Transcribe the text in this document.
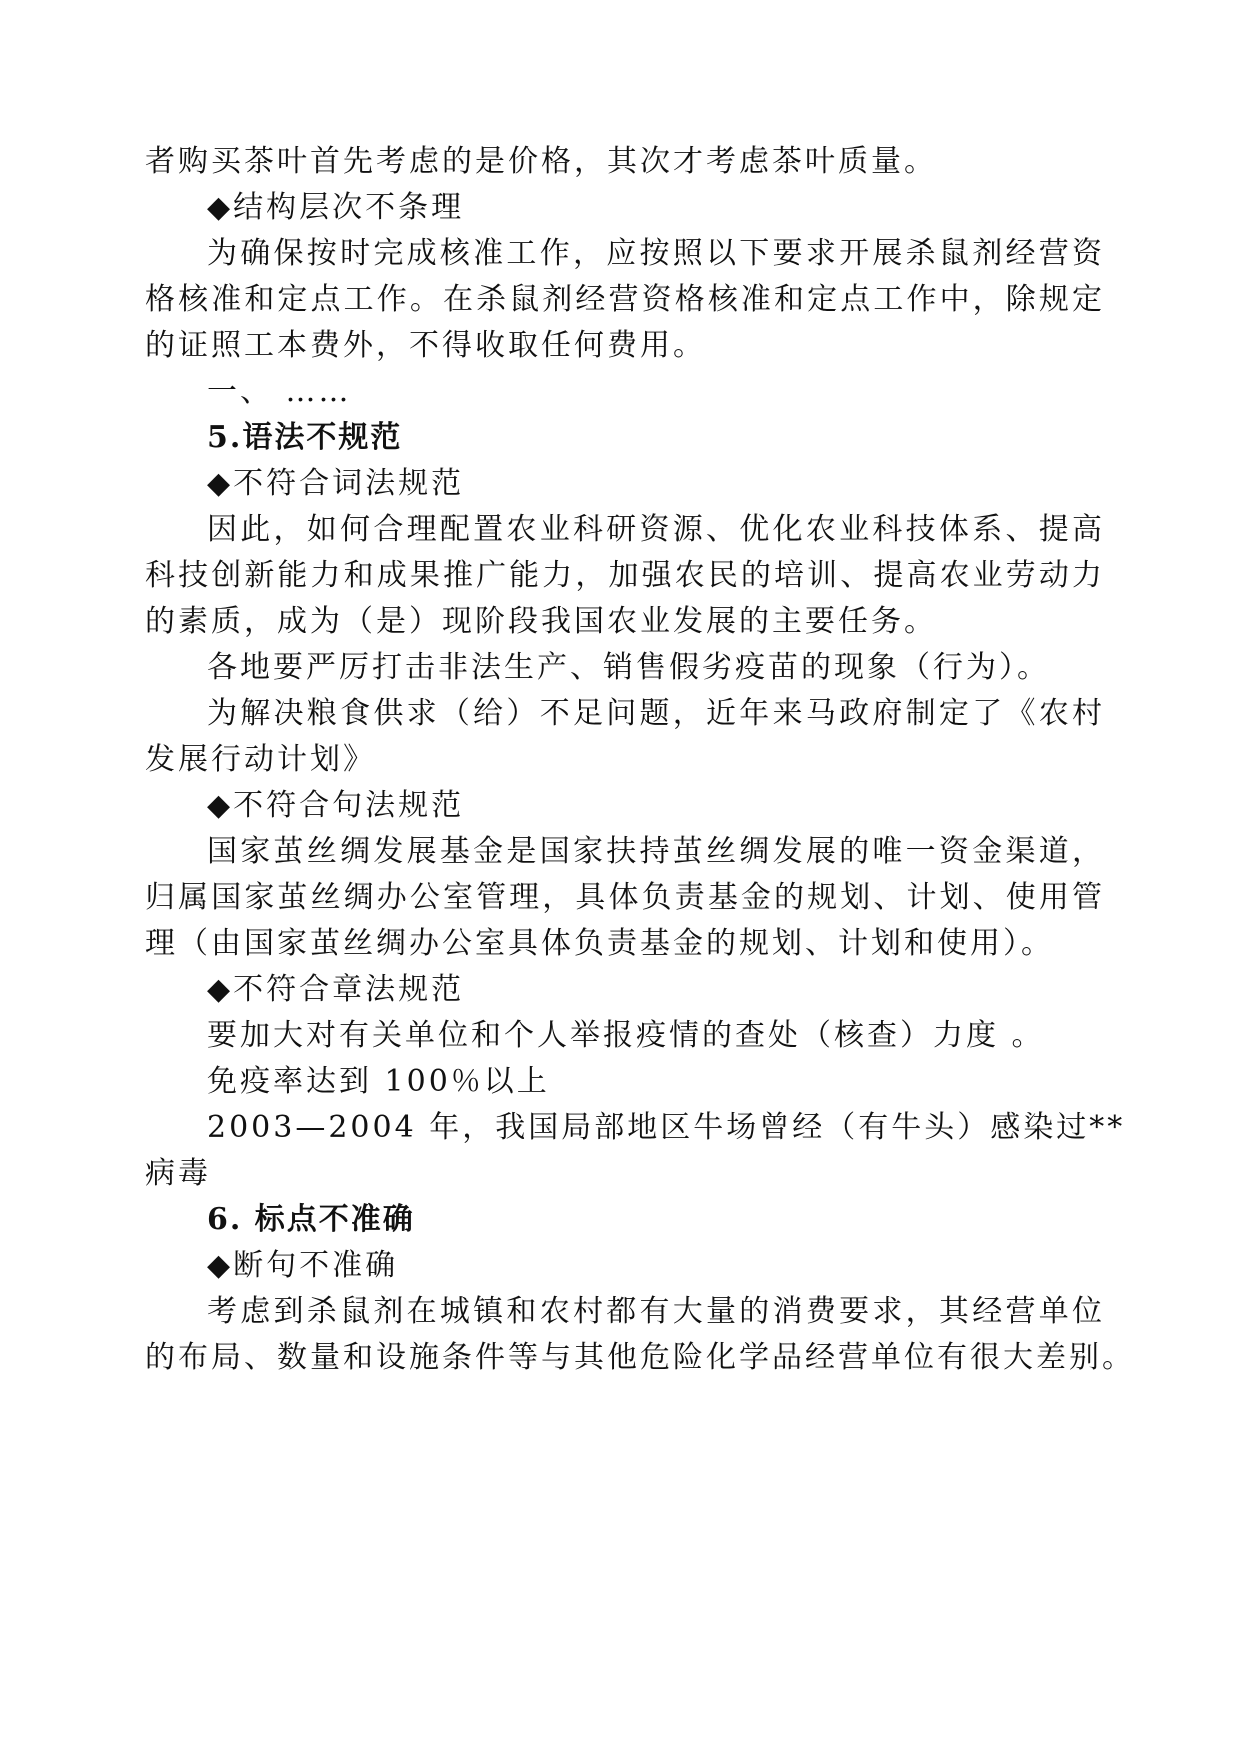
者购买茶叶首先考虑的是价格，其次才考虑茶叶质量。
◆结构层次不条理
为确保按时完成核准工作，应按照以下要求开展杀鼠剂经营资
格核准和定点工作。在杀鼠剂经营资格核准和定点工作中，除规定
的证照工本费外，不得收取任何费用。
一、 ……
5.语法不规范
◆不符合词法规范
因此，如何合理配置农业科研资源、优化农业科技体系、提高
科技创新能力和成果推广能力，加强农民的培训、提高农业劳动力
的素质，成为（是）现阶段我国农业发展的主要任务。
各地要严厉打击非法生产、销售假劣疫苗的现象（行为）。
为解决粮食供求（给）不足问题，近年来马政府制定了《农村
发展行动计划》
◆不符合句法规范
国家茧丝绸发展基金是国家扶持茧丝绸发展的唯一资金渠道，
归属国家茧丝绸办公室管理，具体负责基金的规划、计划、使用管
理（由国家茧丝绸办公室具体负责基金的规划、计划和使用）。
◆不符合章法规范
要加大对有关单位和个人举报疫情的查处（核查）力度 。
免疫率达到 100％以上
2003—2004 年，我国局部地区牛场曾经（有牛头）感染过**
病毒
6. 标点不准确
◆断句不准确
考虑到杀鼠剂在城镇和农村都有大量的消费要求，其经营单位
的布局、数量和设施条件等与其他危险化学品经营单位有很大差别。
